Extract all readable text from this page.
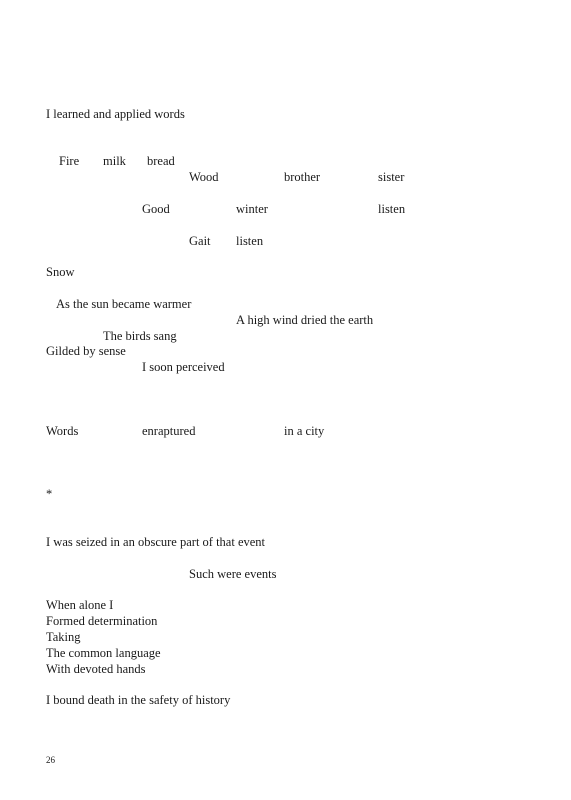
I learned and applied words
Fire milk bread
Wood	brother	sister
Good	winter	listen
Gait listen
Snow
As the sun became warmer
A high wind dried the earth
The birds sang
Gilded by sense
I soon perceived
Words	enraptured	in a city
*
I was seized in an obscure part of that event
Such were events
When alone I
Formed determination
Taking
The common language
With devoted hands
I bound death in the safety of history
26
